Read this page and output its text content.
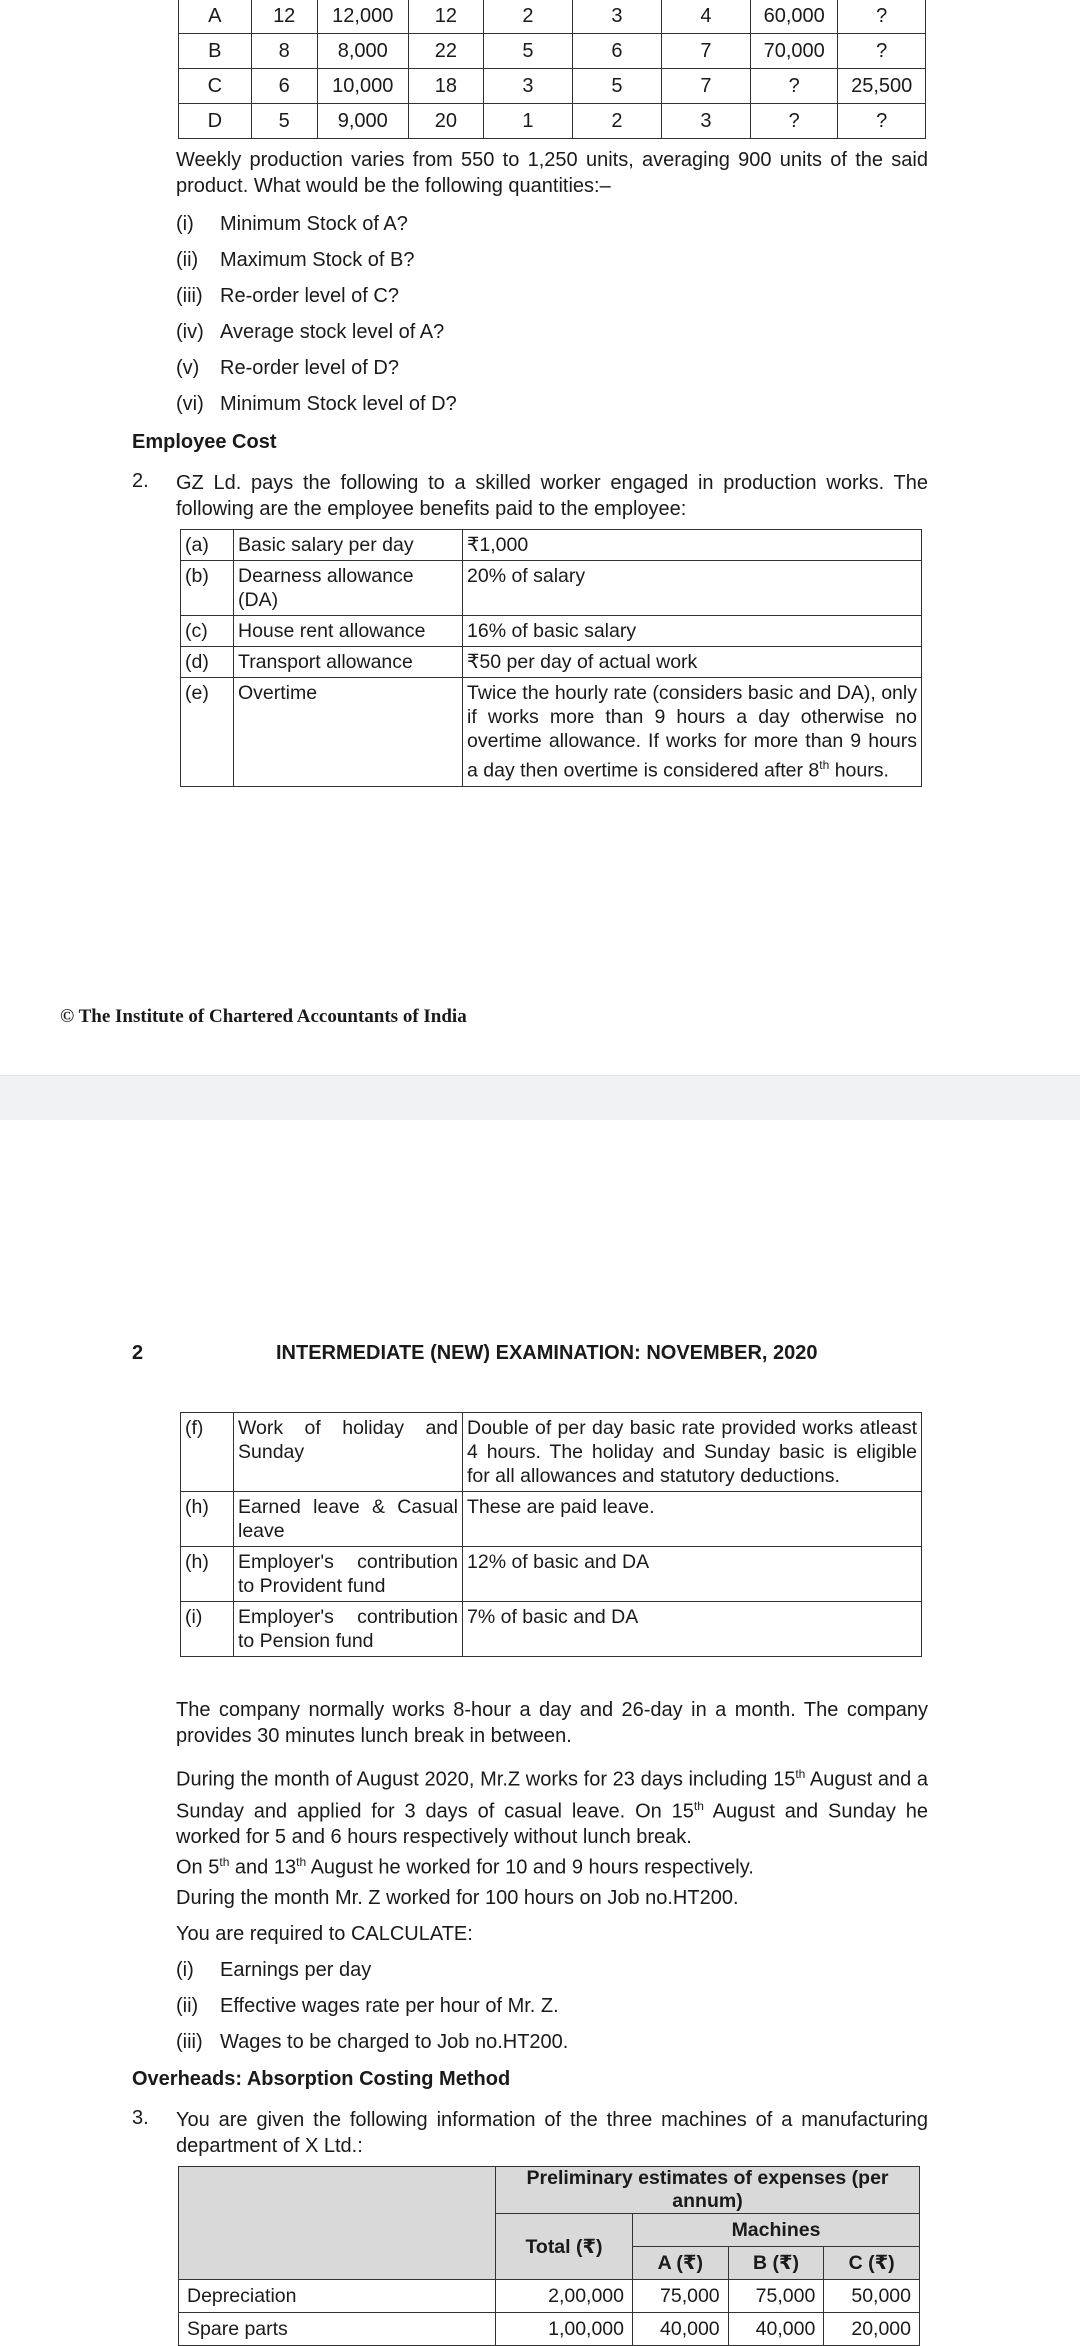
A	12	12,000	12	2	3	4	60,000	?
B	8	8,000	22	5	6	7	70,000	?
C	6	10,000	18	3	5	7	?	25,500
D	5	9,000	20	1	2	3	?	?
Weekly production varies from 550 to 1,250 units, averaging 900 units of the said product. What would be the following quantities:–
(i) Minimum Stock of A?
(ii) Maximum Stock of B?
(iii) Re-order level of C?
(iv) Average stock level of A?
(v) Re-order level of D?
(vi) Minimum Stock level of D?
Employee Cost
2. GZ Ld. pays the following to a skilled worker engaged in production works. The following are the employee benefits paid to the employee:
(a)	Basic salary per day	₹1,000
(b)	Dearness allowance (DA)	20% of salary
(c)	House rent allowance	16% of basic salary
(d)	Transport allowance	₹50 per day of actual work
(e)	Overtime	Twice the hourly rate (considers basic and DA), only if works more than 9 hours a day otherwise no overtime allowance. If works for more than 9 hours a day then overtime is considered after 8th hours.
© The Institute of Chartered Accountants of India
2	INTERMEDIATE (NEW) EXAMINATION: NOVEMBER, 2020
(f)	Work of holiday and Sunday	Double of per day basic rate provided works atleast 4 hours. The holiday and Sunday basic is eligible for all allowances and statutory deductions.
(h)	Earned leave & Casual leave	These are paid leave.
(h)	Employer's contribution to Provident fund	12% of basic and DA
(i)	Employer's contribution to Pension fund	7% of basic and DA
The company normally works 8-hour a day and 26-day in a month. The company provides 30 minutes lunch break in between.
During the month of August 2020, Mr.Z works for 23 days including 15th August and a Sunday and applied for 3 days of casual leave. On 15th August and Sunday he worked for 5 and 6 hours respectively without lunch break.
On 5th and 13th August he worked for 10 and 9 hours respectively.
During the month Mr. Z worked for 100 hours on Job no.HT200.
You are required to CALCULATE:
(i) Earnings per day
(ii) Effective wages rate per hour of Mr. Z.
(iii) Wages to be charged to Job no.HT200.
Overheads: Absorption Costing Method
3. You are given the following information of the three machines of a manufacturing department of X Ltd.:
	Preliminary estimates of expenses (per annum)			
	Total (₹)	Machines		
		A (₹)	B (₹)	C (₹)
Depreciation	2,00,000	75,000	75,000	50,000
Spare parts	1,00,000	40,000	40,000	20,000
